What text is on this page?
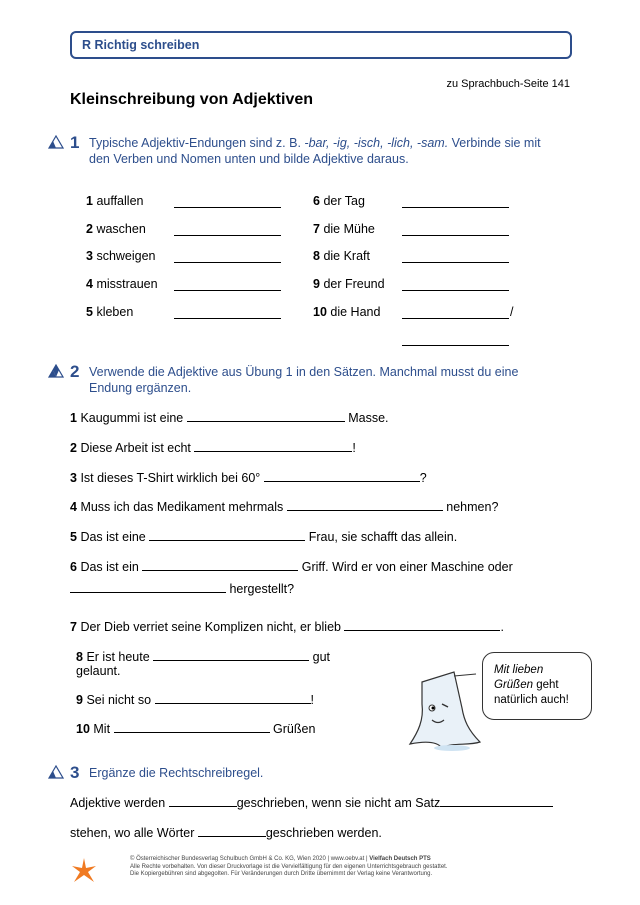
R Richtig schreiben
zu Sprachbuch-Seite 141
Kleinschreibung von Adjektiven
1 Typische Adjektiv-Endungen sind z. B. -bar, -ig, -isch, -lich, -sam. Verbinde sie mit
den Verben und Nomen unten und bilde Adjektive daraus.
1 auffallen
2 waschen
3 schweigen
4 misstrauen
5 kleben
6 der Tag
7 die Mühe
8 die Kraft
9 der Freund
10 die Hand	/
2 Verwende die Adjektive aus Übung 1 in den Sätzen. Manchmal musst du eine
Endung ergänzen.
1 Kaugummi ist eine	Masse.
2 Diese Arbeit ist echt	!
3 Ist dieses T-Shirt wirklich bei 60°	?
4 Muss ich das Medikament mehrmals	nehmen?
5 Das ist eine	Frau, sie schafft das allein.
6 Das ist ein	Griff. Wird er von einer Maschine oder
hergestellt?
7 Der Dieb verriet seine Komplizen nicht, er blieb	.
8 Er ist heute	gut
gelaunt.
9 Sei nicht so	!
10 Mit	Grüßen
Mit lieben
Grüßen geht
natürlich auch!
3 Ergänze die Rechtschreibregel.
Adjektive werden	geschrieben, wenn sie nicht am Satz
stehen, wo alle Wörter	geschrieben werden.
© Österreichischer Bundesverlag Schulbuch GmbH & Co. KG, Wien 2020 | www.oebv.at | Vielfach Deutsch PTS
Alle Rechte vorbehalten. Von dieser Druckvorlage ist die Vervielfältigung für den eigenen Unterrichtsgebrauch gestattet.
Die Kopiergebühren sind abgegolten. Für Veränderungen durch Dritte übernimmt der Verlag keine Verantwortung.
